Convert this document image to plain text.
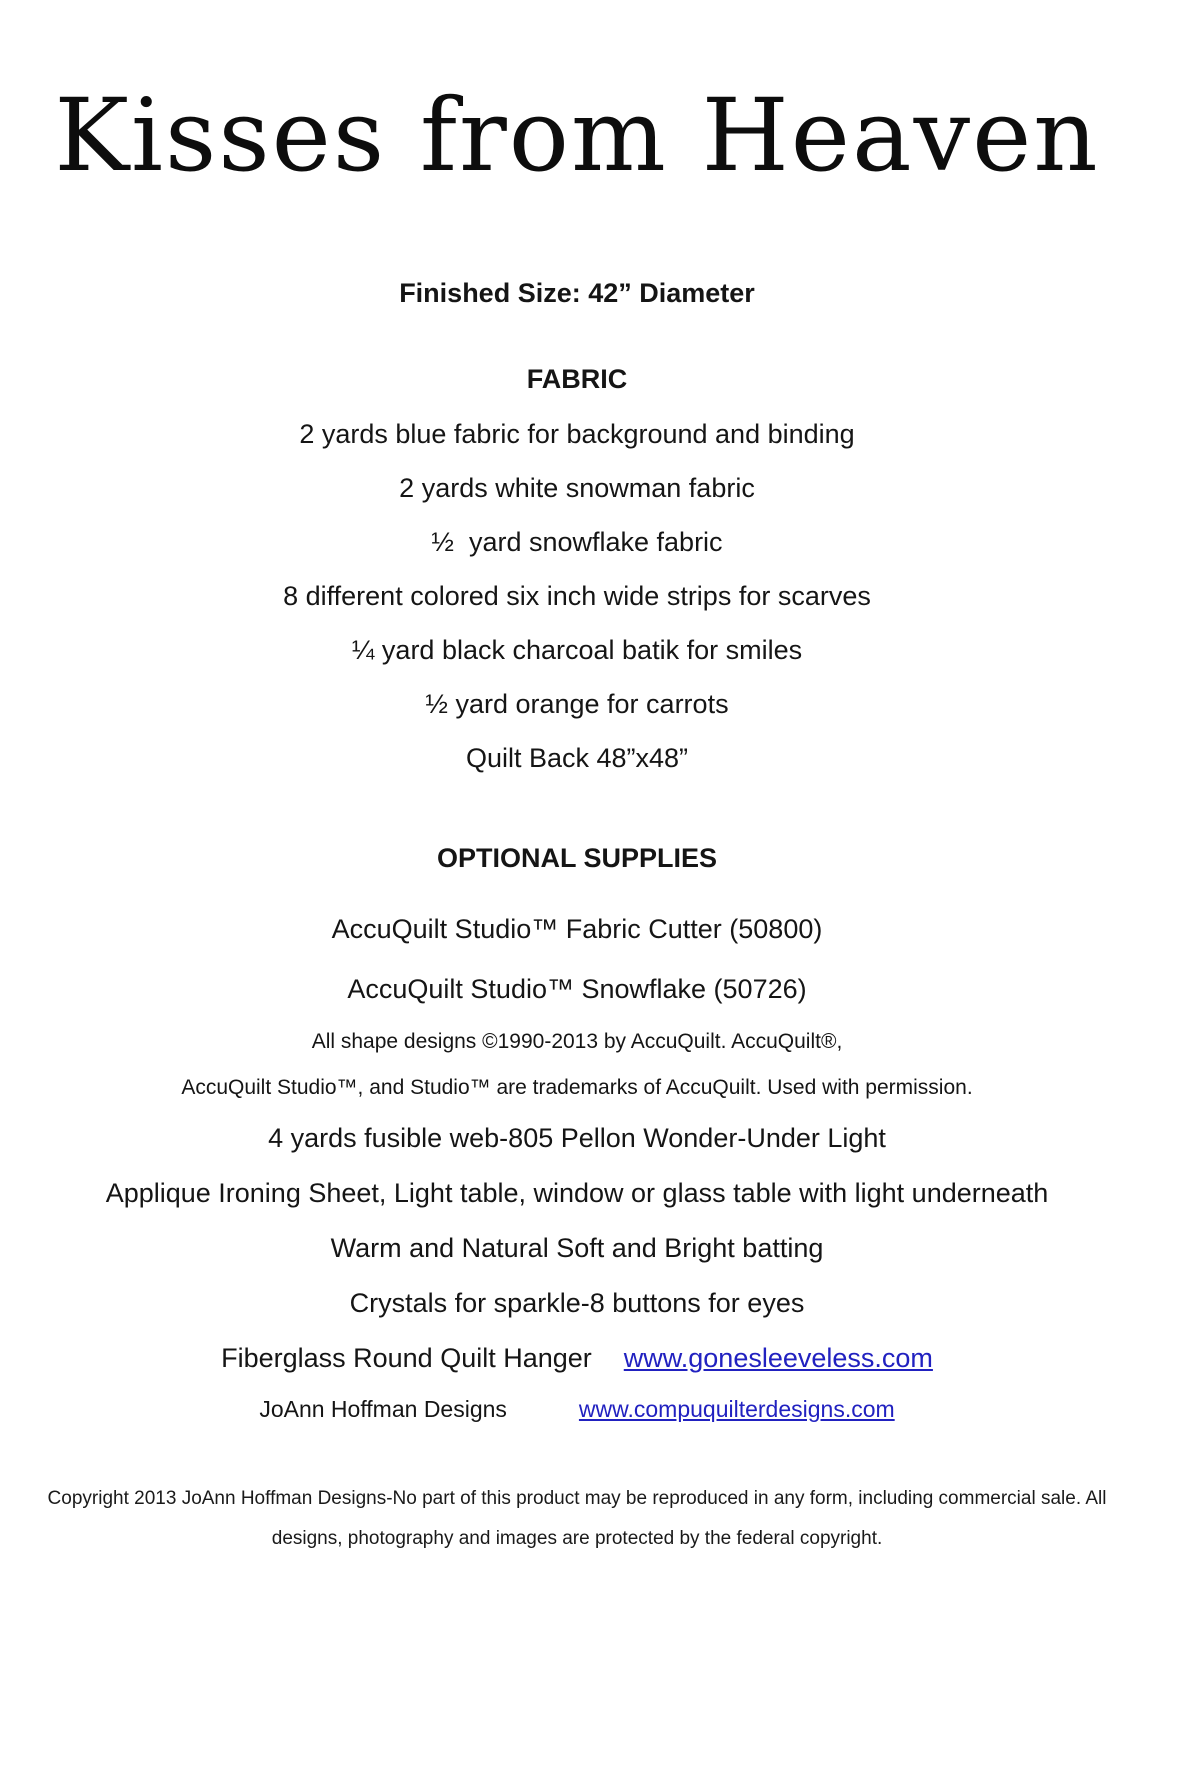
Kisses from Heaven
Finished Size: 42” Diameter
FABRIC
2 yards blue fabric for background and binding
2 yards white snowman fabric
½  yard snowflake fabric
8 different colored six inch wide strips for scarves
¼ yard black charcoal batik for smiles
½ yard orange for carrots
Quilt Back 48”x48”
OPTIONAL SUPPLIES
AccuQuilt Studio™ Fabric Cutter (50800)
AccuQuilt Studio™ Snowflake (50726)
All shape designs ©1990-2013 by AccuQuilt. AccuQuilt®,
AccuQuilt Studio™, and Studio™ are trademarks of AccuQuilt. Used with permission.
4 yards fusible web-805 Pellon Wonder-Under Light
Applique Ironing Sheet, Light table, window or glass table with light underneath
Warm and Natural Soft and Bright batting
Crystals for sparkle-8 buttons for eyes
Fiberglass Round Quilt Hanger www.gonesleeveless.com
JoAnn Hoffman Designs	www.compuquilterdesigns.com
Copyright 2013 JoAnn Hoffman Designs-No part of this product may be reproduced in any form, including commercial sale. All
designs, photography and images are protected by the federal copyright.
